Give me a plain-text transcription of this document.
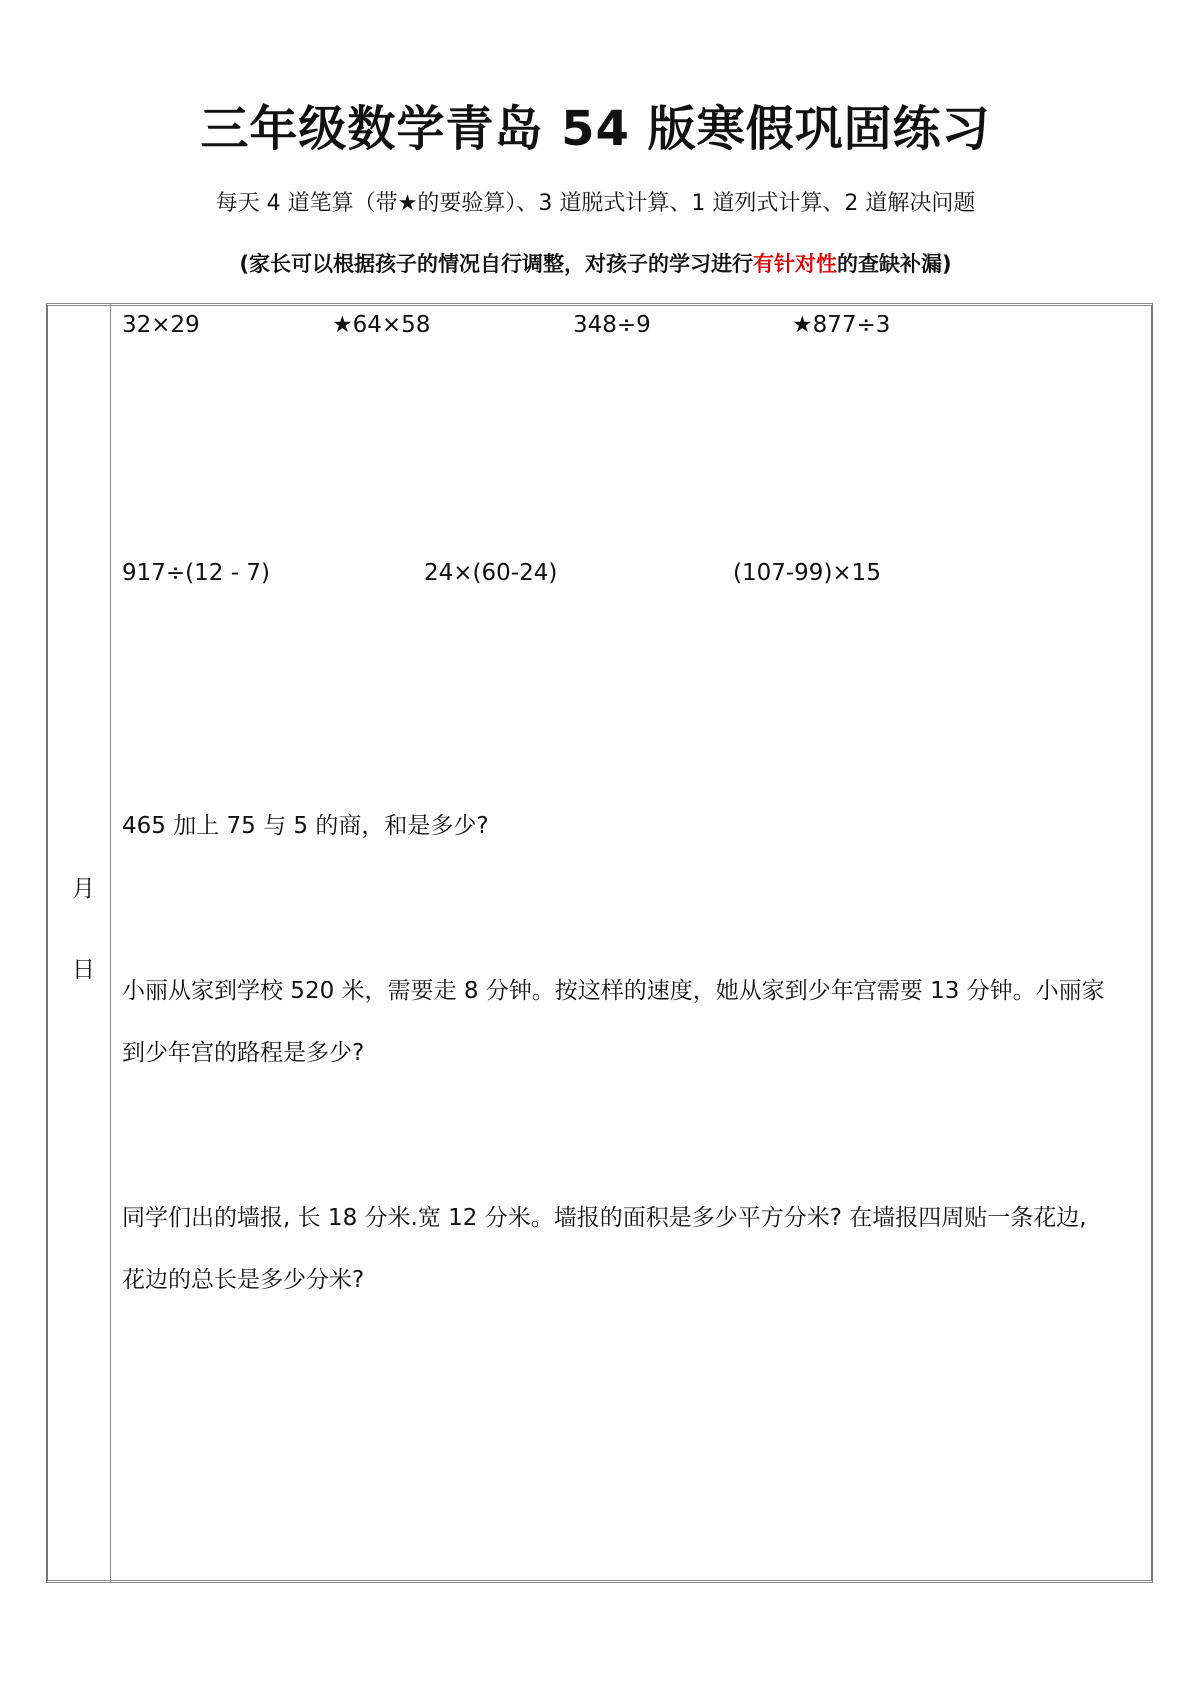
三年级数学青岛 54 版寒假巩固练习
每天 4 道笔算（带★的要验算）、3 道脱式计算、1 道列式计算、2 道解决问题
(家长可以根据孩子的情况自行调整，对孩子的学习进行有针对性的查缺补漏)
月
日
32×29	★64×58	348÷9	★877÷3
917÷(12 - 7)	24×(60-24)	(107-99)×15
465 加上 75 与 5 的商，和是多少?
小丽从家到学校 520 米，需要走 8 分钟。按这样的速度，她从家到少年宫需要 13 分钟。小丽家
到少年宫的路程是多少?
同学们出的墙报, 长 18 分米.宽 12 分米。墙报的面积是多少平方分米? 在墙报四周贴一条花边,
花边的总长是多少分米?
